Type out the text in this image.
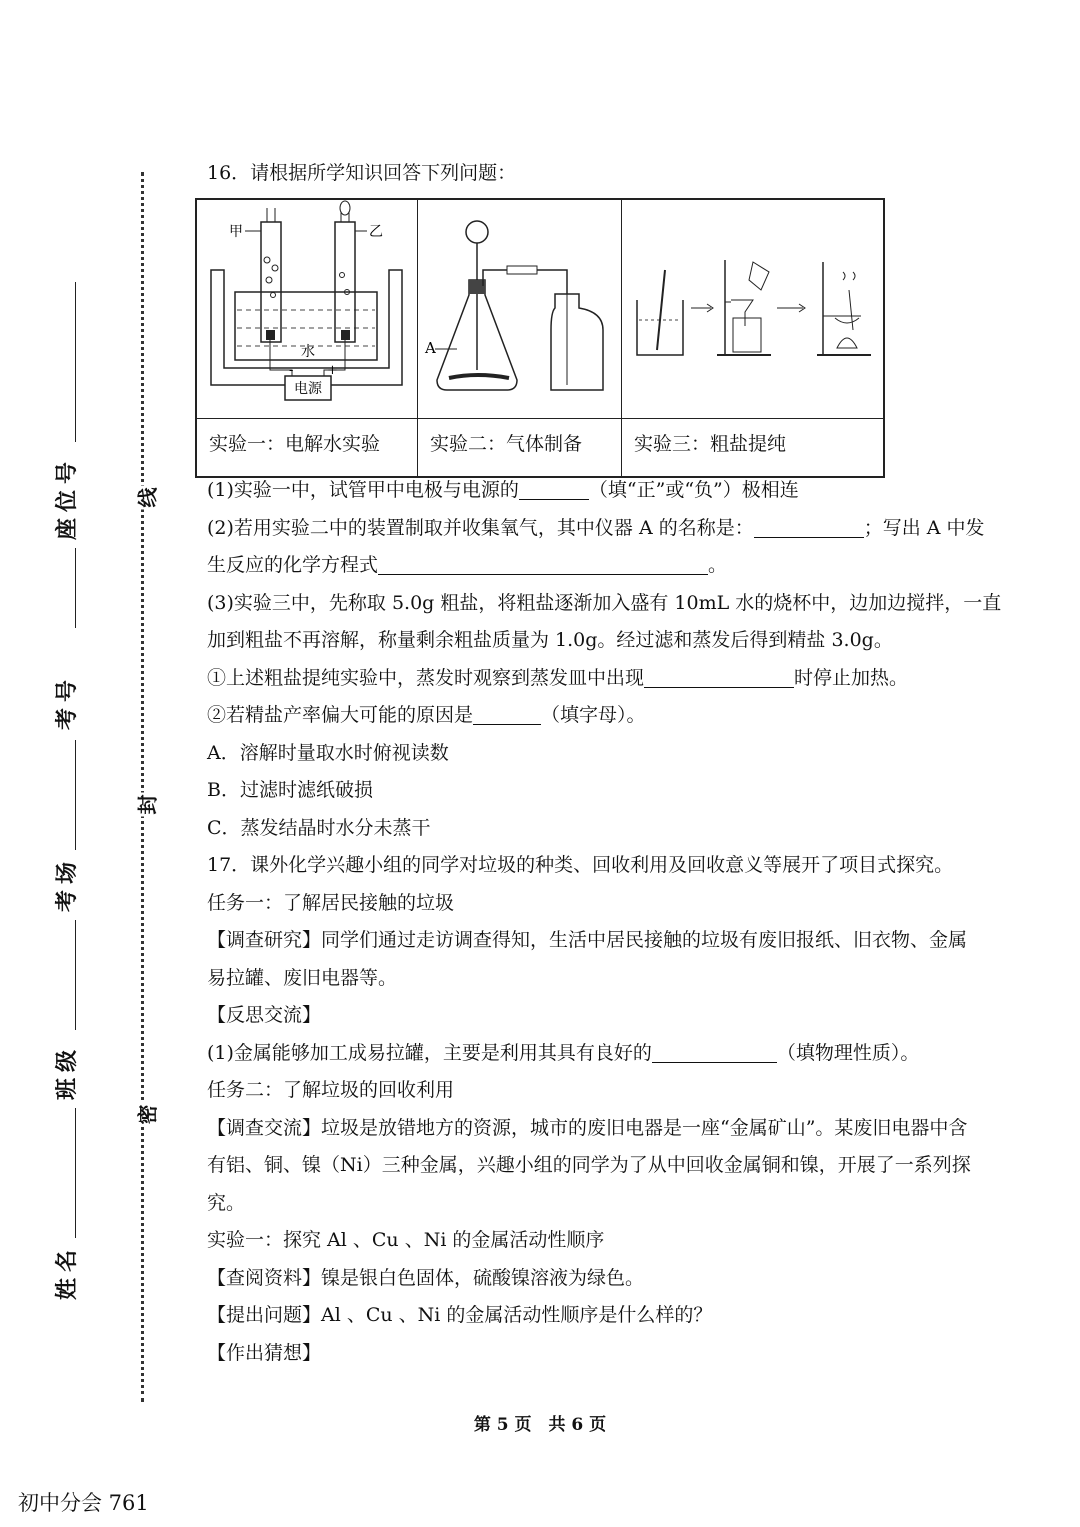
座位号
考号
考场
班级
姓名
线
封
密
16．请根据所学知识回答下列问题：
电源
-	+
水
甲	乙
A
实验一：电解水实验	实验二：气体制备	实验三：粗盐提纯
(1)实验一中，试管甲中电极与电源的	（填“正”或“负”）极相连
(2)若用实验二中的装置制取并收集氧气，其中仪器 A 的名称是：	；写出 A 中发
生反应的化学方程式	。
(3)实验三中，先称取 5.0g 粗盐，将粗盐逐渐加入盛有 10mL 水的烧杯中，边加边搅拌，一直
加到粗盐不再溶解，称量剩余粗盐质量为 1.0g。经过滤和蒸发后得到精盐 3.0g。
①上述粗盐提纯实验中，蒸发时观察到蒸发皿中出现	时停止加热。
②若精盐产率偏大可能的原因是	（填字母）。
A．溶解时量取水时俯视读数
B．过滤时滤纸破损
C．蒸发结晶时水分未蒸干
17．课外化学兴趣小组的同学对垃圾的种类、回收利用及回收意义等展开了项目式探究。
任务一：了解居民接触的垃圾
【调查研究】同学们通过走访调查得知，生活中居民接触的垃圾有废旧报纸、旧衣物、金属
易拉罐、废旧电器等。
【反思交流】
(1)金属能够加工成易拉罐，主要是利用其具有良好的	（填物理性质）。
任务二：了解垃圾的回收利用
【调查交流】垃圾是放错地方的资源，城市的废旧电器是一座“金属矿山”。某废旧电器中含
有铝、铜、镍（Ni）三种金属，兴趣小组的同学为了从中回收金属铜和镍，开展了一系列探
究。
实验一：探究 Al 、Cu 、Ni 的金属活动性顺序
【查阅资料】镍是银白色固体，硫酸镍溶液为绿色。
【提出问题】Al 、Cu 、Ni 的金属活动性顺序是什么样的？
【作出猜想】
第 5 页　共 6 页
初中分会 761
